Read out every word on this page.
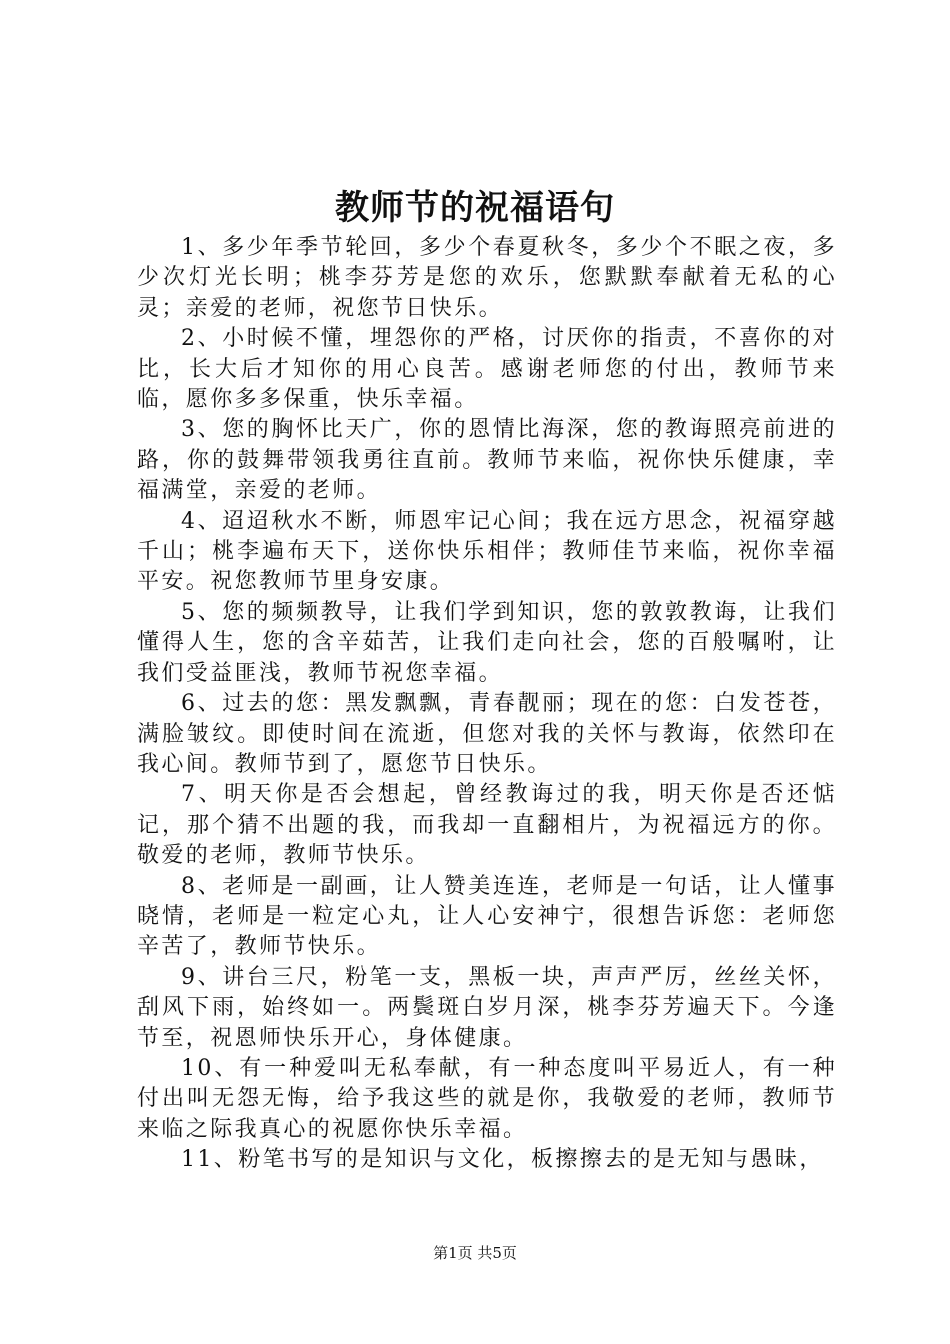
教师节的祝福语句

1、多少年季节轮回，多少个春夏秋冬，多少个不眠之夜，多少次灯光长明；桃李芬芳是您的欢乐，您默默奉献着无私的心灵；亲爱的老师，祝您节日快乐。

2、小时候不懂，埋怨你的严格，讨厌你的指责，不喜你的对比，长大后才知你的用心良苦。感谢老师您的付出，教师节来临，愿你多多保重，快乐幸福。

3、您的胸怀比天广，你的恩情比海深，您的教诲照亮前进的路，你的鼓舞带领我勇往直前。教师节来临，祝你快乐健康，幸福满堂，亲爱的老师。

4、迢迢秋水不断，师恩牢记心间；我在远方思念，祝福穿越千山；桃李遍布天下，送你快乐相伴；教师佳节来临，祝你幸福平安。祝您教师节里身安康。

5、您的频频教导，让我们学到知识，您的敦敦教诲，让我们懂得人生，您的含辛茹苦，让我们走向社会，您的百般嘱咐，让我们受益匪浅，教师节祝您幸福。

6、过去的您：黑发飘飘，青春靓丽；现在的您：白发苍苍，满脸皱纹。即使时间在流逝，但您对我的关怀与教诲，依然印在我心间。教师节到了，愿您节日快乐。

7、明天你是否会想起，曾经教诲过的我，明天你是否还惦记，那个猜不出题的我，而我却一直翻相片，为祝福远方的你。敬爱的老师，教师节快乐。

8、老师是一副画，让人赞美连连，老师是一句话，让人懂事晓情，老师是一粒定心丸，让人心安神宁，很想告诉您：老师您辛苦了，教师节快乐。

9、讲台三尺，粉笔一支，黑板一块，声声严厉，丝丝关怀，刮风下雨，始终如一。两鬓斑白岁月深，桃李芬芳遍天下。今逢节至，祝恩师快乐开心，身体健康。

10、有一种爱叫无私奉献，有一种态度叫平易近人，有一种付出叫无怨无悔，给予我这些的就是你，我敬爱的老师，教师节来临之际我真心的祝愿你快乐幸福。

11、粉笔书写的是知识与文化，板擦擦去的是无知与愚昧，

第1页 共5页
